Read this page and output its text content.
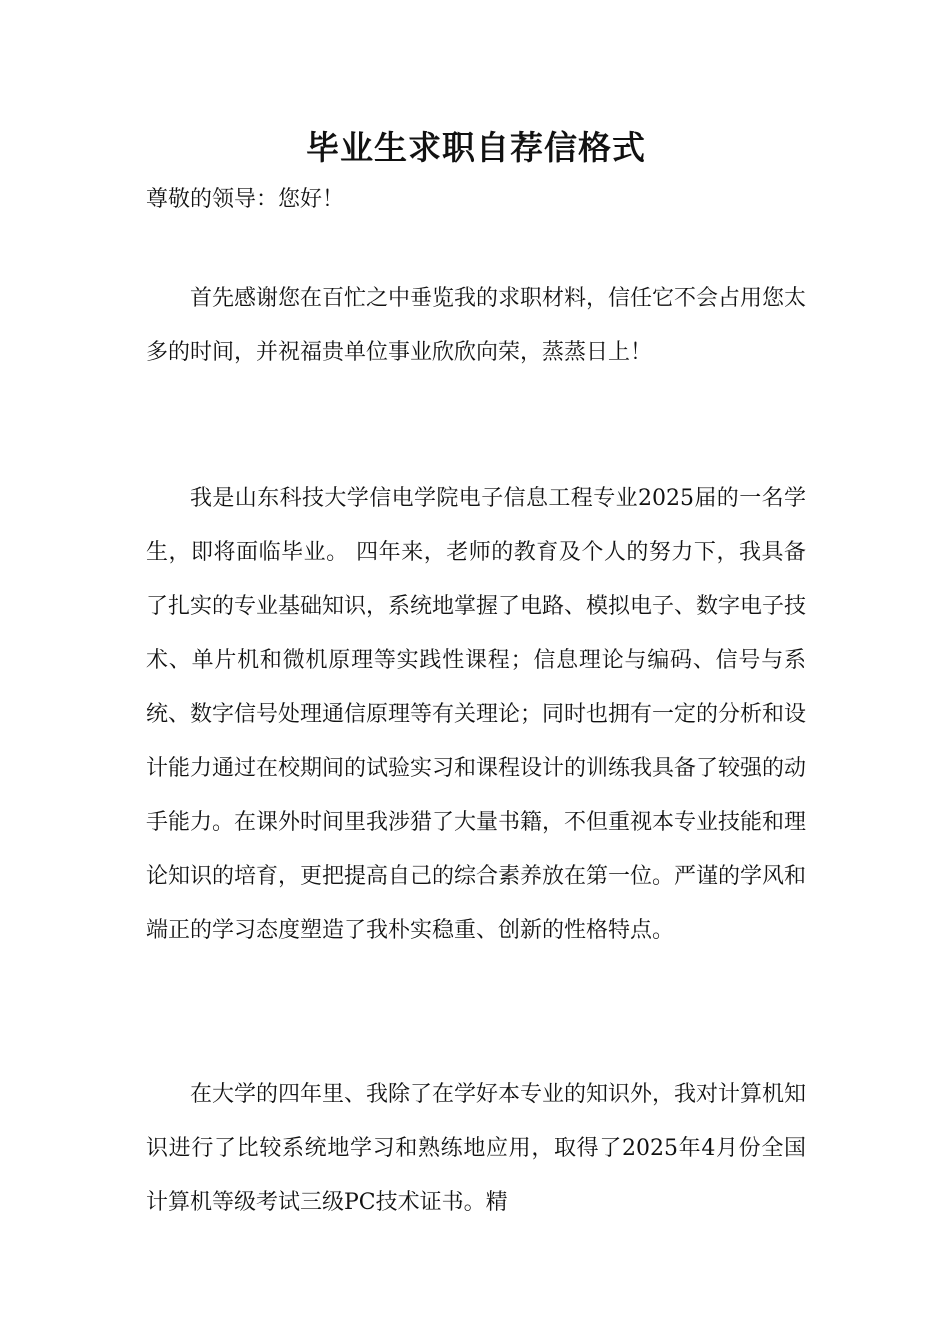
毕业生求职自荐信格式

尊敬的领导：您好！

首先感谢您在百忙之中垂览我的求职材料，信任它不会占用您太多的时间，并祝福贵单位事业欣欣向荣，蒸蒸日上！

我是山东科技大学信电学院电子信息工程专业2025届的一名学生，即将面临毕业。 四年来，老师的教育及个人的努力下，我具备了扎实的专业基础知识，系统地掌握了电路、模拟电子、数字电子技术、单片机和微机原理等实践性课程；信息理论与编码、信号与系统、数字信号处理通信原理等有关理论；同时也拥有一定的分析和设计能力通过在校期间的试验实习和课程设计的训练我具备了较强的动手能力。在课外时间里我涉猎了大量书籍，不但重视本专业技能和理论知识的培育，更把提高自己的综合素养放在第一位。严谨的学风和端正的学习态度塑造了我朴实稳重、创新的性格特点。

在大学的四年里、我除了在学好本专业的知识外，我对计算机知识进行了比较系统地学习和熟练地应用，取得了2025年4月份全国计算机等级考试三级PC技术证书。精
